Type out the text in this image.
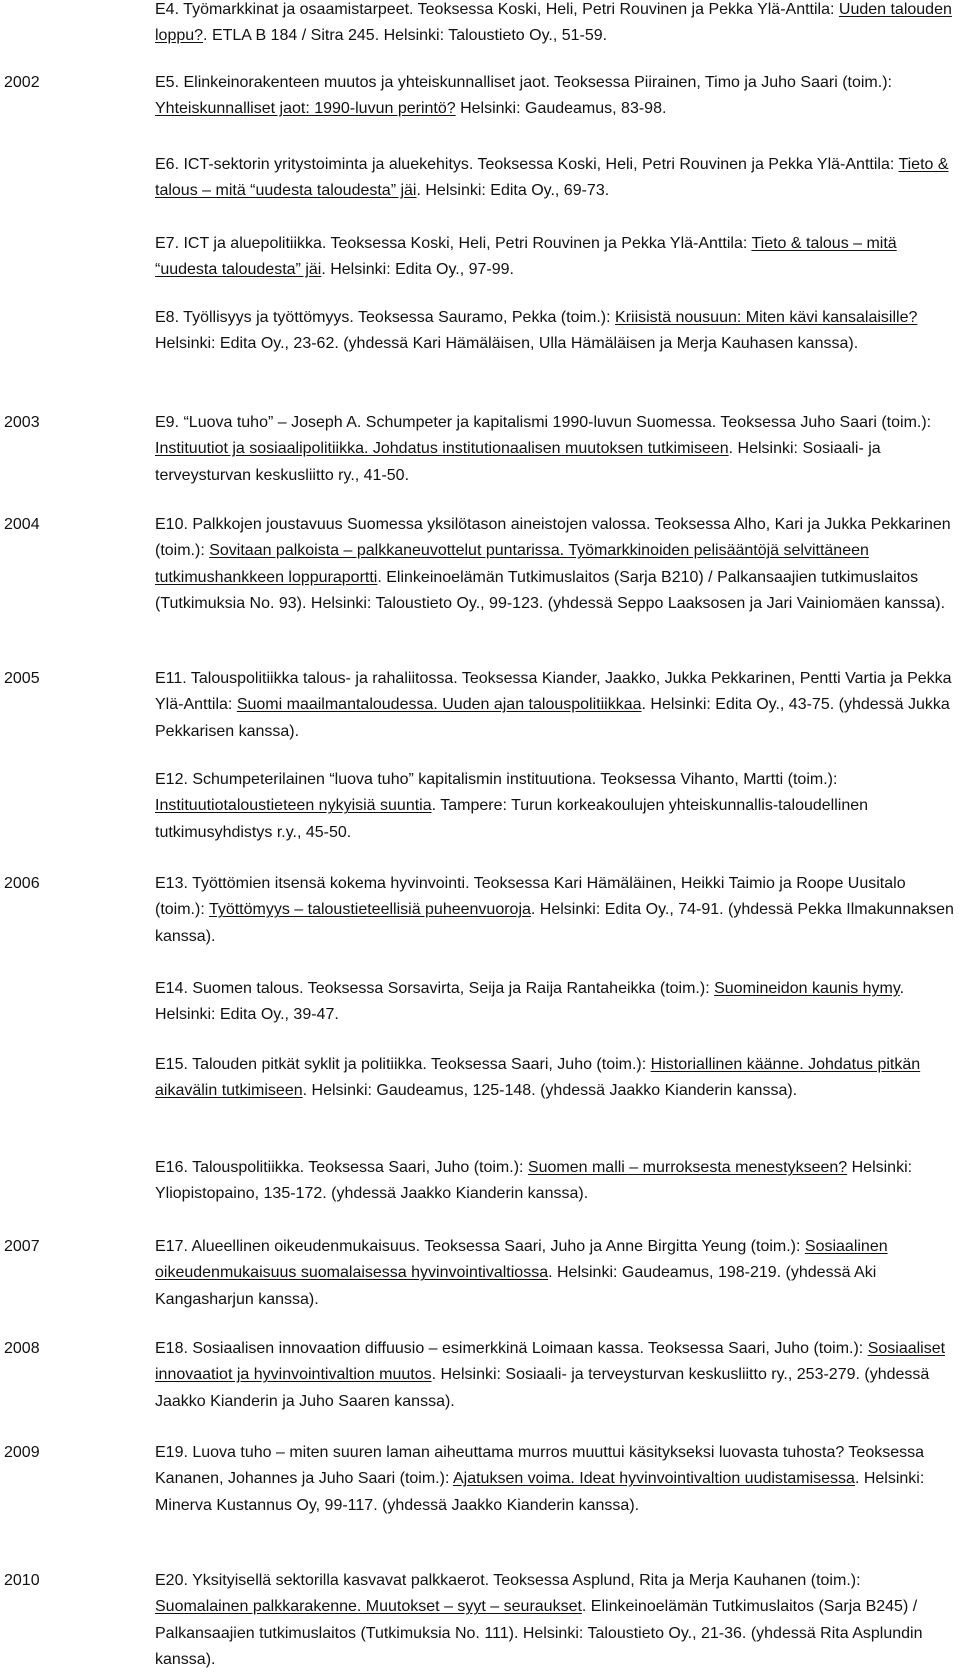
E4. Työmarkkinat ja osaamistarpeet. Teoksessa Koski, Heli, Petri Rouvinen ja Pekka Ylä-Anttila: Uuden talouden loppu?. ETLA B 184 / Sitra 245. Helsinki: Taloustieto Oy., 51-59.
2002	E5. Elinkeinorakenteen muutos ja yhteiskunnalliset jaot. Teoksessa Piirainen, Timo ja Juho Saari (toim.): Yhteiskunnalliset jaot: 1990-luvun perintö? Helsinki: Gaudeamus, 83-98.
E6. ICT-sektorin yritystoiminta ja aluekehitys. Teoksessa Koski, Heli, Petri Rouvinen ja Pekka Ylä-Anttila: Tieto & talous – mitä “uudesta taloudesta” jäi. Helsinki: Edita Oy., 69-73.
E7. ICT ja aluepolitiikka. Teoksessa Koski, Heli, Petri Rouvinen ja Pekka Ylä-Anttila: Tieto & talous – mitä “uudesta taloudesta” jäi. Helsinki: Edita Oy., 97-99.
E8. Työllisyys ja työttömyys. Teoksessa Sauramo, Pekka (toim.): Kriisistä nousuun: Miten kävi kansalaisille? Helsinki: Edita Oy., 23-62. (yhdessä Kari Hämäläisen, Ulla Hämäläisen ja Merja Kauhasen kanssa).
2003	E9. “Luova tuho” – Joseph A. Schumpeter ja kapitalismi 1990-luvun Suomessa. Teoksessa Juho Saari (toim.): Instituutiot ja sosiaalipolitiikka. Johdatus institutionaalisen muutoksen tutkimiseen. Helsinki: Sosiaali- ja terveysturvan keskusliitto ry., 41-50.
2004	E10. Palkkojen joustavuus Suomessa yksilötason aineistojen valossa. Teoksessa Alho, Kari ja Jukka Pekkarinen (toim.): Sovitaan palkoista – palkkaneuvottelut puntarissa. Työmarkkinoiden pelisääntöjä selvittäneen tutkimushankkeen loppuraportti. Elinkeinoelämän Tutkimuslaitos (Sarja B210) / Palkansaajien tutkimuslaitos (Tutkimuksia No. 93). Helsinki: Taloustieto Oy., 99-123. (yhdessä Seppo Laaksosen ja Jari Vainiomäen kanssa).
2005	E11. Talouspolitiikka talous- ja rahaliitossa. Teoksessa Kiander, Jaakko, Jukka Pekkarinen, Pentti Vartia ja Pekka Ylä-Anttila: Suomi maailmantaloudessa. Uuden ajan talouspolitiikkaa. Helsinki: Edita Oy., 43-75. (yhdessä Jukka Pekkarisen kanssa).
E12. Schumpeterilainen “luova tuho” kapitalismin instituutiona. Teoksessa Vihanto, Martti (toim.): Instituutiotaloustieteen nykyisiä suuntia. Tampere: Turun korkeakoulujen yhteiskunnallis-taloudellinen tutkimusyhdistys r.y., 45-50.
2006	E13. Työttömien itsensä kokema hyvinvointi. Teoksessa Kari Hämäläinen, Heikki Taimio ja Roope Uusitalo (toim.): Työttömyys – taloustieteellisiä puheenvuoroja. Helsinki: Edita Oy., 74-91. (yhdessä Pekka Ilmakunnaksen kanssa).
E14. Suomen talous. Teoksessa Sorsavirta, Seija ja Raija Rantaheikka (toim.): Suomineidon kaunis hymy. Helsinki: Edita Oy., 39-47.
E15. Talouden pitkät syklit ja politiikka. Teoksessa Saari, Juho (toim.): Historiallinen käänne. Johdatus pitkän aikavälin tutkimiseen. Helsinki: Gaudeamus, 125-148. (yhdessä Jaakko Kianderin kanssa).
E16. Talouspolitiikka. Teoksessa Saari, Juho (toim.): Suomen malli – murroksesta menestykseen? Helsinki: Yliopistopaino, 135-172. (yhdessä Jaakko Kianderin kanssa).
2007	E17. Alueellinen oikeudenmukaisuus. Teoksessa Saari, Juho ja Anne Birgitta Yeung (toim.): Sosiaalinen oikeudenmukaisuus suomalaisessa hyvinvointivaltiossa. Helsinki: Gaudeamus, 198-219. (yhdessä Aki Kangasharjun kanssa).
2008	E18. Sosiaalisen innovaation diffuusio – esimerkkinä Loimaan kassa. Teoksessa Saari, Juho (toim.): Sosiaaliset innovaatiot ja hyvinvointivaltion muutos. Helsinki: Sosiaali- ja terveysturvan keskusliitto ry., 253-279. (yhdessä Jaakko Kianderin ja Juho Saaren kanssa).
2009	E19. Luova tuho – miten suuren laman aiheuttama murros muuttui käsitykseksi luovasta tuhosta? Teoksessa Kananen, Johannes ja Juho Saari (toim.): Ajatuksen voima. Ideat hyvinvointivaltion uudistamisessa. Helsinki: Minerva Kustannus Oy, 99-117. (yhdessä Jaakko Kianderin kanssa).
2010	E20. Yksityisellä sektorilla kasvavat palkkaerot. Teoksessa Asplund, Rita ja Merja Kauhanen (toim.): Suomalainen palkkarakenne. Muutokset – syyt – seuraukset. Elinkeinoelämän Tutkimuslaitos (Sarja B245) / Palkansaajien tutkimuslaitos (Tutkimuksia No. 111). Helsinki: Taloustieto Oy., 21-36. (yhdessä Rita Asplundin kanssa).
